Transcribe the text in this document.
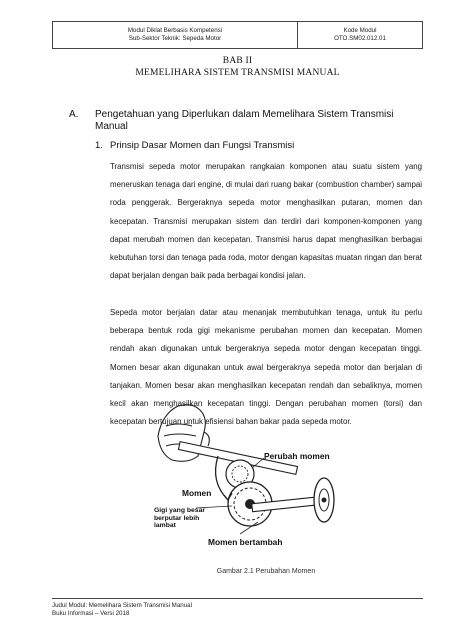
Modul Diklat Berbasis Kompetensi
Sub-Sektor Teknik: Sepeda Motor
Kode Modul
OTO.SM02.012.01
BAB II
MEMELIHARA SISTEM TRANSMISI MANUAL
A. Pengetahuan yang Diperlukan dalam Memelihara Sistem Transmisi Manual
1. Prinsip Dasar Momen dan Fungsi Transmisi

Transmisi sepeda motor merupakan rangkaian komponen atau suatu sistem yang meneruskan tenaga dari engine, di mulai dari ruang bakar (combustion chamber) sampai roda penggerak. Bergeraknya sepeda motor menghasilkan putaran, momen dan kecepatan. Transmisi merupakan sistem dan terdiri dari komponen-komponen yang dapat merubah momen dan kecepatan. Transmisi harus dapat menghasilkan berbagai kebutuhan torsi dan tenaga pada roda, motor dengan kapasitas muatan ringan dan berat dapat berjalan dengan baik pada berbagai kondisi jalan.

Sepeda motor berjalan datar atau menanjak membutuhkan tenaga, untuk itu perlu beberapa bentuk roda gigi mekanisme perubahan momen dan kecepatan. Momen rendah akan digunakan untuk bergeraknya sepeda motor dengan kecepatan tinggi. Momen besar akan digunakan untuk awal bergeraknya sepeda motor dan berjalan di tanjakan. Momen besar akan menghasilkan kecepatan rendah dan sebaliknya, momen kecil akan menghasilkan kecepatan tinggi. Dengan perubahan momen (torsi) dan kecepatan bertujuan untuk efisiensi bahan bakar pada sepeda motor.

Perubah momen
Momen
Gigi yang besar
berputar lebih
lambat
Momen bertambah
Gambar 2.1 Perubahan Momen
Judul Modul: Memelihara Sistem Transmisi Manual
Buku Informasi – Versi 2018
